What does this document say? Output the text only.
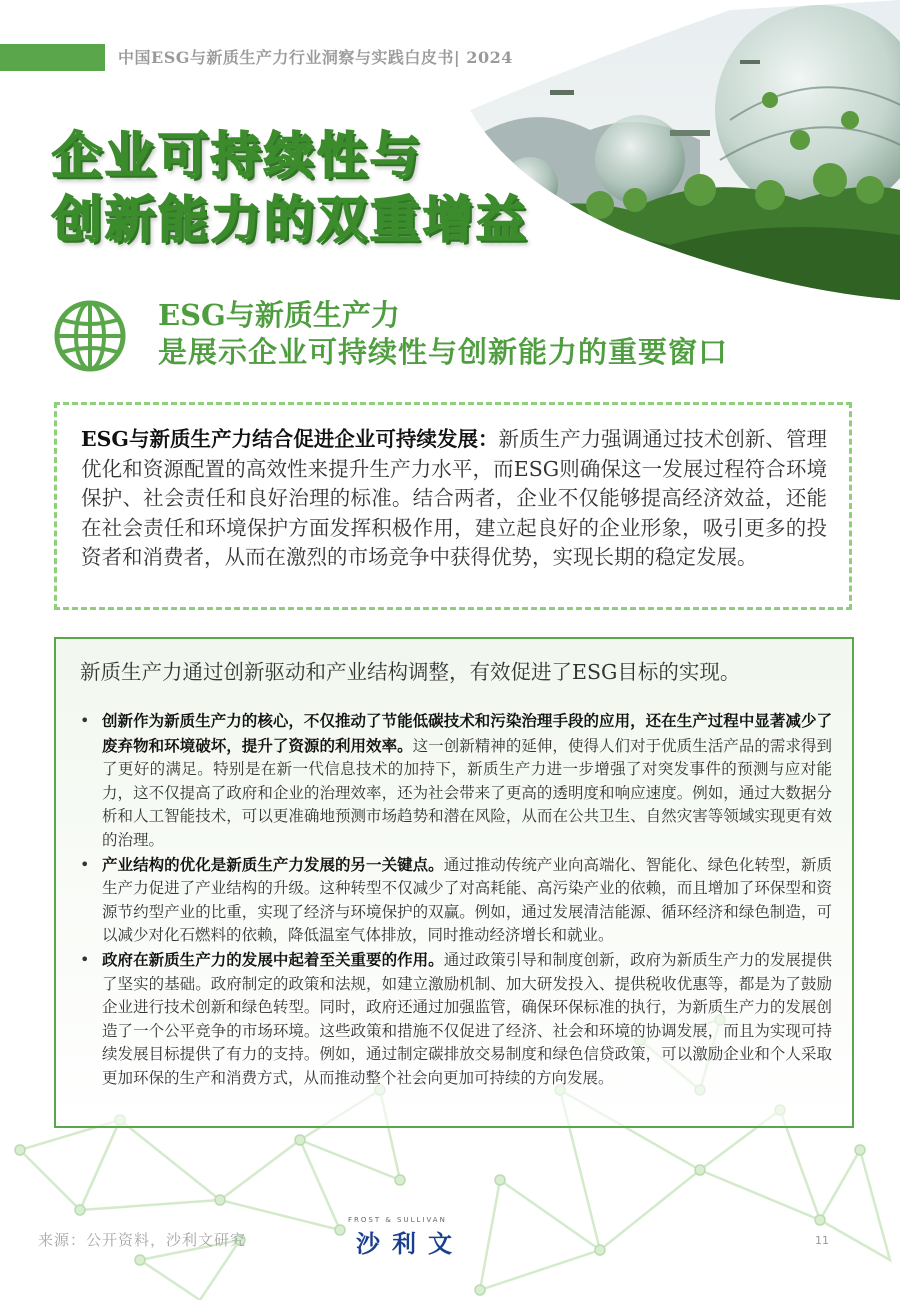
中国ESG与新质生产力行业洞察与实践白皮书| 2024
企业可持续性与
创新能力的双重增益
ESG与新质生产力
是展示企业可持续性与创新能力的重要窗口

ESG与新质生产力结合促进企业可持续发展：新质生产力强调通过技术创新、管理优化和资源配置的高效性来提升生产力水平，而ESG则确保这一发展过程符合环境保护、社会责任和良好治理的标准。结合两者，企业不仅能够提高经济效益，还能在社会责任和环境保护方面发挥积极作用，建立起良好的企业形象，吸引更多的投资者和消费者，从而在激烈的市场竞争中获得优势，实现长期的稳定发展。

新质生产力通过创新驱动和产业结构调整，有效促进了ESG目标的实现。

• 创新作为新质生产力的核心，不仅推动了节能低碳技术和污染治理手段的应用，还在生产过程中显著减少了废弃物和环境破坏，提升了资源的利用效率。这一创新精神的延伸，使得人们对于优质生活产品的需求得到了更好的满足。特别是在新一代信息技术的加持下，新质生产力进一步增强了对突发事件的预测与应对能力，这不仅提高了政府和企业的治理效率，还为社会带来了更高的透明度和响应速度。例如，通过大数据分析和人工智能技术，可以更准确地预测市场趋势和潜在风险，从而在公共卫生、自然灾害等领域实现更有效的治理。
• 产业结构的优化是新质生产力发展的另一关键点。通过推动传统产业向高端化、智能化、绿色化转型，新质生产力促进了产业结构的升级。这种转型不仅减少了对高耗能、高污染产业的依赖，而且增加了环保型和资源节约型产业的比重，实现了经济与环境保护的双赢。例如，通过发展清洁能源、循环经济和绿色制造，可以减少对化石燃料的依赖，降低温室气体排放，同时推动经济增长和就业。
• 政府在新质生产力的发展中起着至关重要的作用。通过政策引导和制度创新，政府为新质生产力的发展提供了坚实的基础。政府制定的政策和法规，如建立激励机制、加大研发投入、提供税收优惠等，都是为了鼓励企业进行技术创新和绿色转型。同时，政府还通过加强监管，确保环保标准的执行，为新质生产力的发展创造了一个公平竞争的市场环境。这些政策和措施不仅促进了经济、社会和环境的协调发展，而且为实现可持续发展目标提供了有力的支持。例如，通过制定碳排放交易制度和绿色信贷政策，可以激励企业和个人采取更加环保的生产和消费方式，从而推动整个社会向更加可持续的方向发展。
来源：公开资料，沙利文研究
FROST & SULLIVAN
沙利文	11
